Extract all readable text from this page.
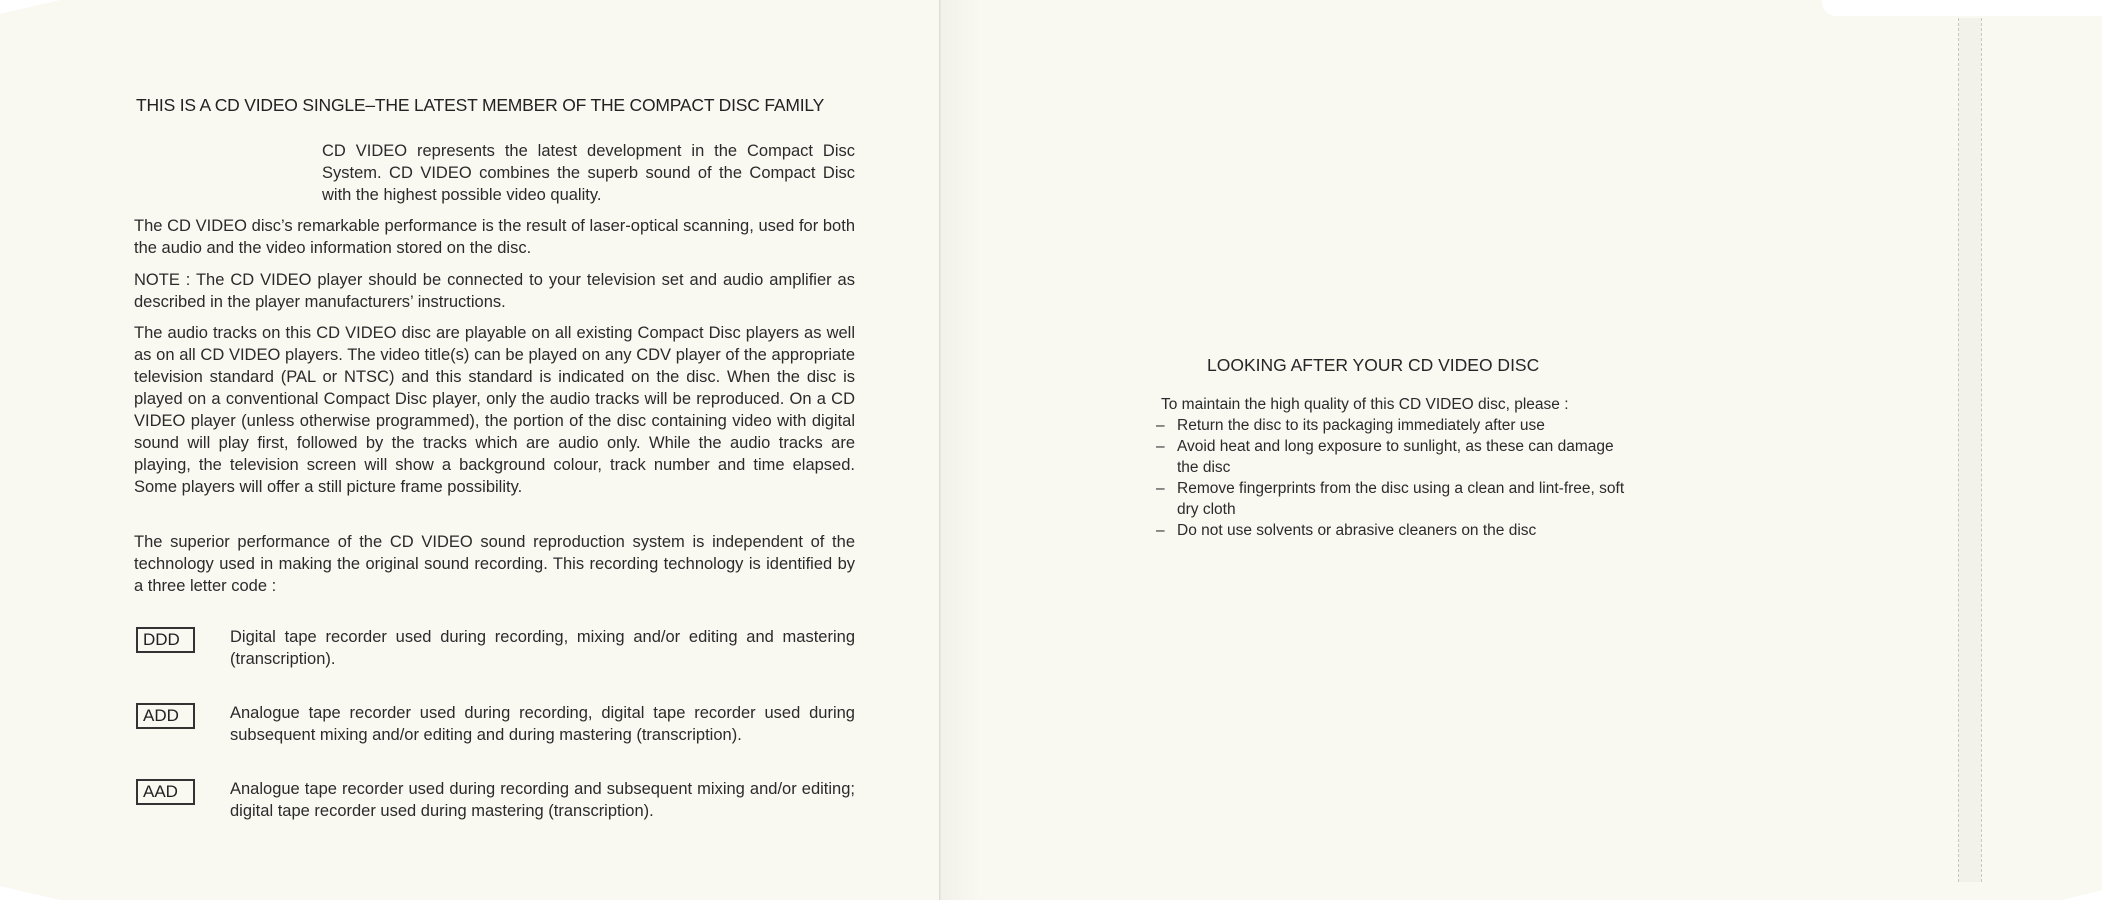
THIS IS A CD VIDEO SINGLE–THE LATEST MEMBER OF THE COMPACT DISC FAMILY

CD VIDEO represents the latest development in the Compact Disc System. CD VIDEO combines the superb sound of the Compact Disc with the highest possible video quality.

The CD VIDEO disc’s remarkable performance is the result of laser-optical scanning, used for both the audio and the video information stored on the disc.

NOTE : The CD VIDEO player should be connected to your television set and audio amplifier as described in the player manufacturers’ instructions.

The audio tracks on this CD VIDEO disc are playable on all existing Compact Disc players as well as on all CD VIDEO players. The video title(s) can be played on any CDV player of the appropriate television standard (PAL or NTSC) and this standard is indicated on the disc. When the disc is played on a conventional Compact Disc player, only the audio tracks will be reproduced. On a CD VIDEO player (unless otherwise programmed), the portion of the disc containing video with digital sound will play first, followed by the tracks which are audio only. While the audio tracks are playing, the television screen will show a background colour, track number and time elapsed. Some players will offer a still picture frame possibility.

The superior performance of the CD VIDEO sound reproduction system is independent of the technology used in making the original sound recording. This recording technology is identified by a three letter code :

DDD	Digital tape recorder used during recording, mixing and/or editing and mastering (transcription).

ADD	Analogue tape recorder used during recording, digital tape recorder used during subsequent mixing and/or editing and during mastering (transcription).

AAD	Analogue tape recorder used during recording and subsequent mixing and/or editing; digital tape recorder used during mastering (transcription).

LOOKING AFTER YOUR CD VIDEO DISC
To maintain the high quality of this CD VIDEO disc, please :
– Return the disc to its packaging immediately after use
– Avoid heat and long exposure to sunlight, as these can damage the disc
– Remove fingerprints from the disc using a clean and lint-free, soft dry cloth
– Do not use solvents or abrasive cleaners on the disc
